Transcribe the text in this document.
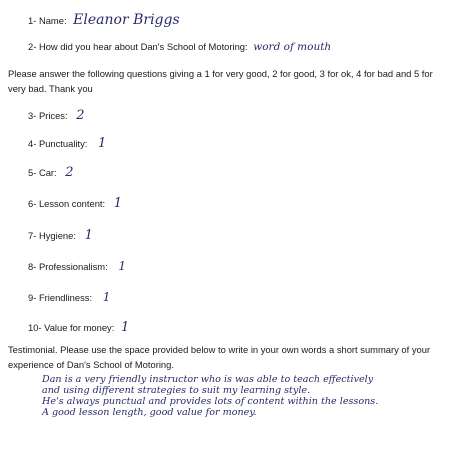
1- Name: Eleanor Briggs
2- How did you hear about Dan's School of Motoring: word of mouth
Please answer the following questions giving a 1 for very good, 2 for good, 3 for ok, 4 for bad and 5 for very bad. Thank you
3- Prices: 2
4- Punctuality: 1
5- Car: 2
6- Lesson content: 1
7- Hygiene: 1
8- Professionalism: 1
9- Friendliness: 1
10- Value for money: 1
Testimonial. Please use the space provided below to write in your own words a short summary of your experience of Dan's School of Motoring.
Dan is a very friendly instructor who is was able to teach effectively
and using different strategies to suit my learning style.
He's always punctual and provides lots of content within the lessons.
A good lesson length, good value for money.
